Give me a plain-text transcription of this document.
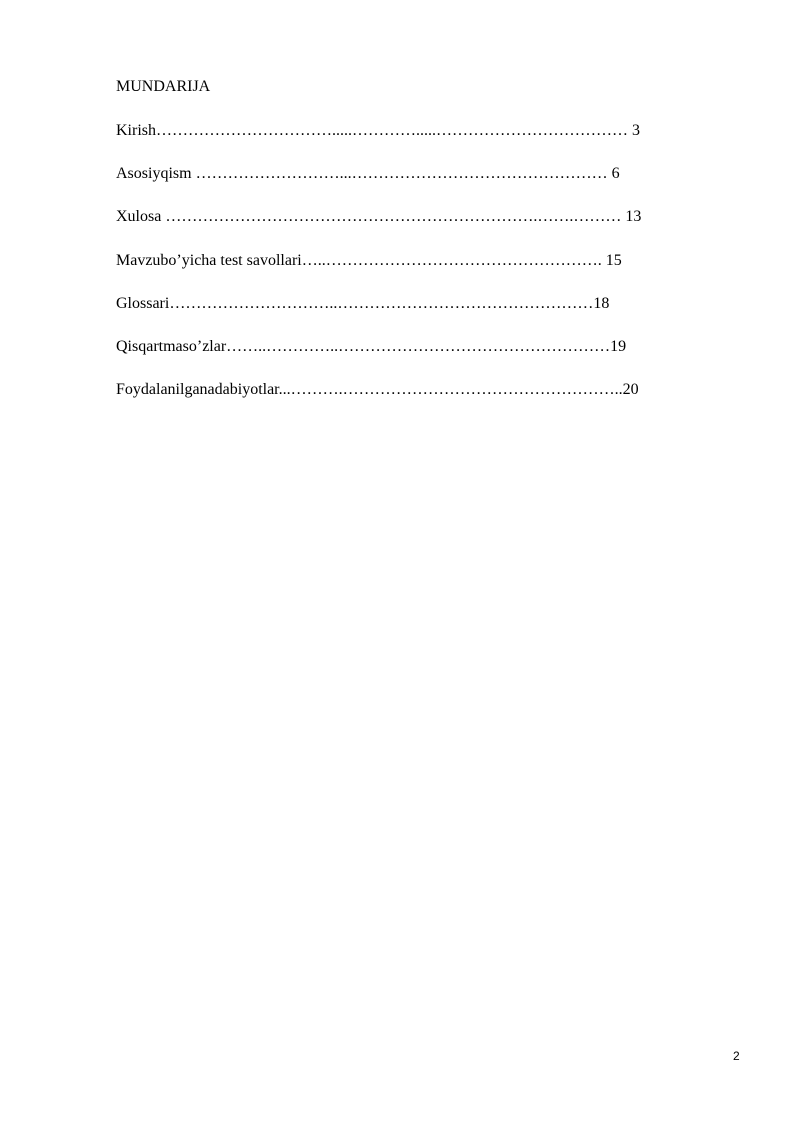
MUNDARIJA
Kirish…………………………….....………….....……………………………… 3
Asosiyqism ………………………...………………………………………… 6
Xulosa …………………………………………………………….…….……… 13
Mavzubo’yicha test savollari…..……………………………………………. 15
Glossari…………………………..…………………………………………18
Qisqartmaso’zlar……..…………..……………………………………………19
Foydalanilganadabiyotlar...……….……………………………………………..20
2
